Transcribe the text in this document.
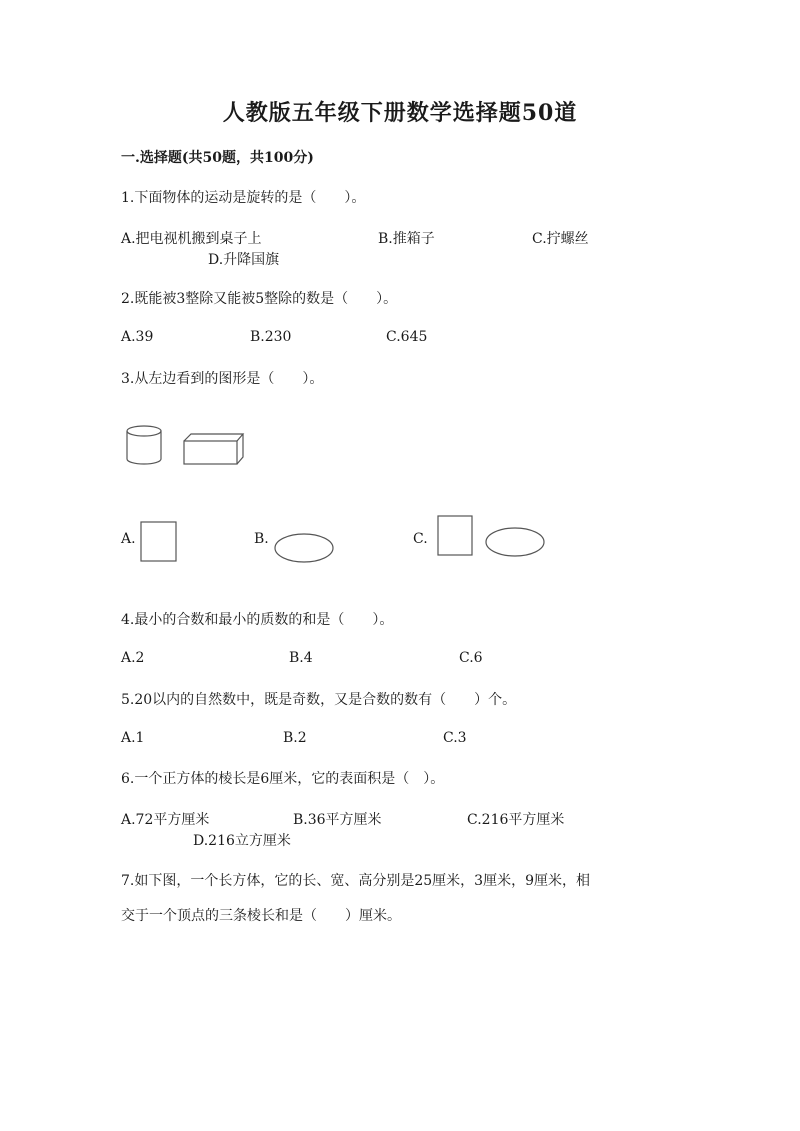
人教版五年级下册数学选择题50道
一.选择题(共50题，共100分)
1.下面物体的运动是旋转的是（　　）。
A.把电视机搬到桌子上	B.推箱子	C.拧螺丝
D.升降国旗
2.既能被3整除又能被5整除的数是（　　）。
A.39	B.230	C.645
3.从左边看到的图形是（　　）。
A.	B.	C.
4.最小的合数和最小的质数的和是（　　）。
A.2	B.4	C.6
5.20以内的自然数中，既是奇数，又是合数的数有（　　）个。
A.1	B.2	C.3
6.一个正方体的棱长是6厘米，它的表面积是（　）。
A.72平方厘米	B.36平方厘米	C.216平方厘米
D.216立方厘米
7.如下图，一个长方体，它的长、宽、高分别是25厘米，3厘米，9厘米，相
交于一个顶点的三条棱长和是（　　）厘米。
